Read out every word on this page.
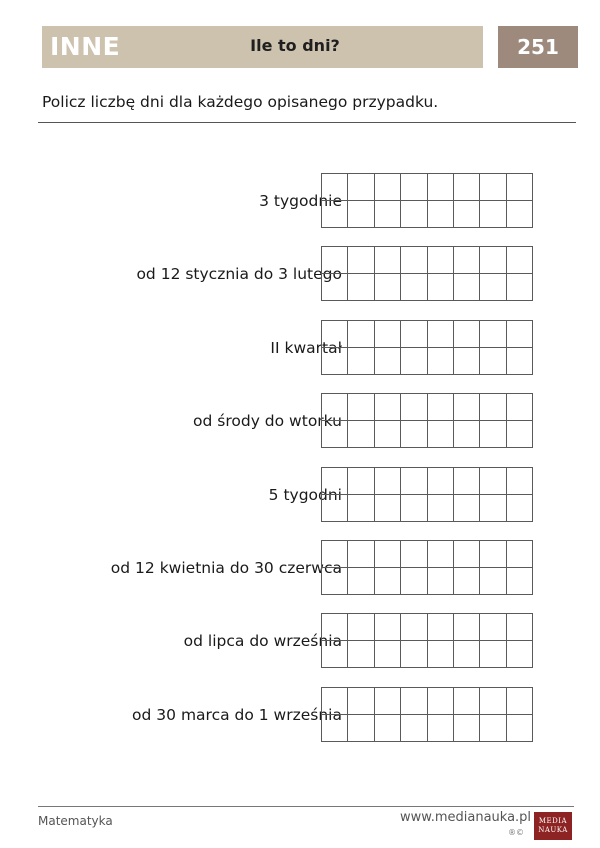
INNE	Ile to dni?	251
Policz liczbę dni dla każdego opisanego przypadku.
3 tygodnie

od 12 stycznia do 3 lutego

II kwartał

od środy do wtorku

5 tygodni

od 12 kwietnia do 30 czerwca

od lipca do września

od 30 marca do 1 września

Matematyka	www.medianauka.pl
®©
MEDIA
NAUKA
